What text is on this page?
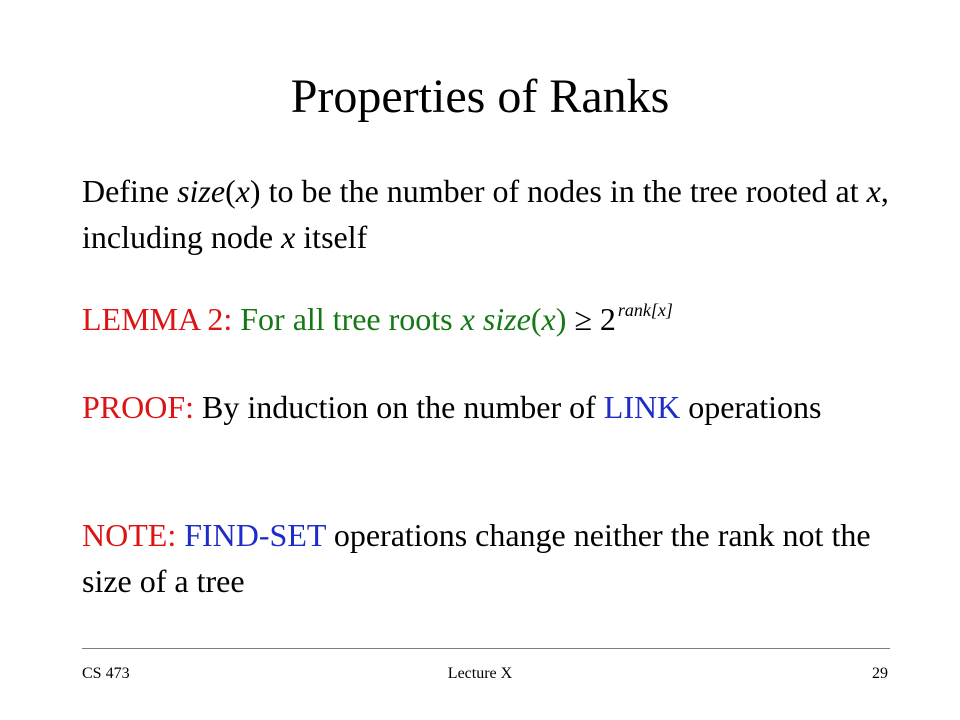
Properties of Ranks
Define size(x) to be the number of nodes in the tree rooted at x, including node x itself
LEMMA 2: For all tree roots x size(x) ≥ 2 $^{rank[x]}$
PROOF: By induction on the number of LINK operations
NOTE: FIND-SET operations change neither the rank not the size of a tree
CS 473	Lecture X	29
